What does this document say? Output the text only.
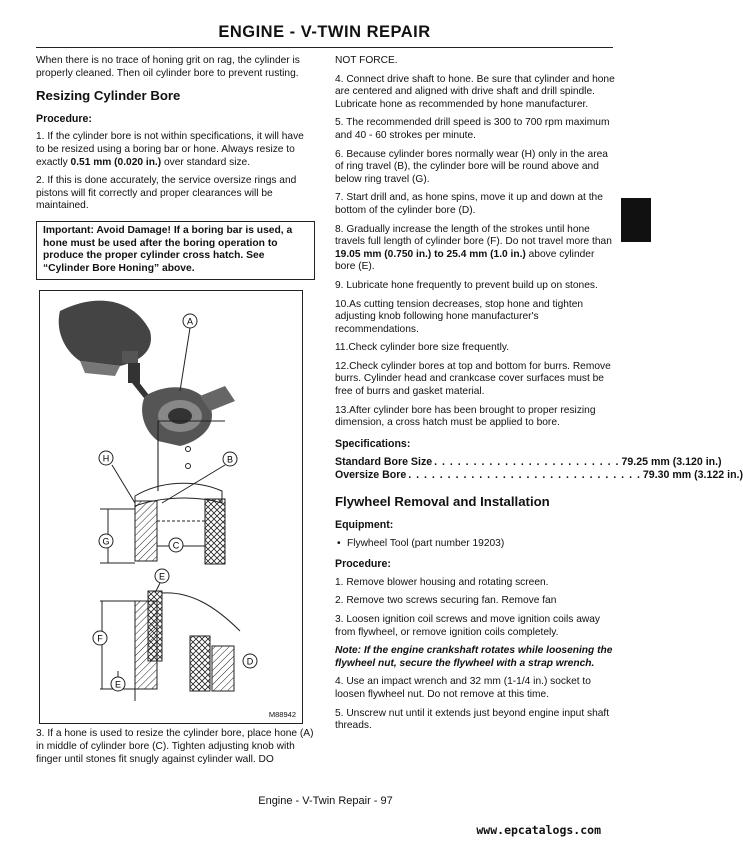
ENGINE - V-TWIN REPAIR

When there is no trace of honing grit on rag, the cylinder is properly cleaned. Then oil cylinder bore to prevent rusting.

Resizing Cylinder Bore
Procedure:

1. If the cylinder bore is not within specifications, it will have to be resized using a boring bar or hone. Always resize to exactly 0.51 mm (0.020 in.) over standard size.

2. If this is done accurately, the service oversize rings and pistons will fit correctly and proper clearances will be maintained.

Important: Avoid Damage! If a boring bar is used, a hone must be used after the boring operation to produce the proper cylinder cross hatch. See “Cylinder Bore Honing” above.
A
H	B
G	C
E
F
E
D
M88942

3. If a hone is used to resize the cylinder bore, place hone (A) in middle of cylinder bore (C). Tighten adjusting knob with finger until stones fit snugly against cylinder wall. DO

NOT FORCE.

4. Connect drive shaft to hone. Be sure that cylinder and hone are centered and aligned with drive shaft and drill spindle. Lubricate hone as recommended by hone manufacturer.

5. The recommended drill speed is 300 to 700 rpm maximum and 40 - 60 strokes per minute.

6. Because cylinder bores normally wear (H) only in the area of ring travel (B), the cylinder bore will be round above and below ring travel (G).

7. Start drill and, as hone spins, move it up and down at the bottom of the cylinder bore (D).

8. Gradually increase the length of the strokes until hone travels full length of cylinder bore (F). Do not travel more than 19.05 mm (0.750 in.) to 25.4 mm (1.0 in.) above cylinder bore (E).

9. Lubricate hone frequently to prevent build up on stones.

10.As cutting tension decreases, stop hone and tighten adjusting knob following hone manufacturer's recommendations.

11.Check cylinder bore size frequently.

12.Check cylinder bores at top and bottom for burrs. Remove burrs. Cylinder head and crankcase cover surfaces must be free of burrs and gasket material.

13.After cylinder bore has been brought to proper resizing dimension, a cross hatch must be applied to bore.

Specifications:
Standard Bore Size . . . . . . . . . . . . . . . . . . . . . . . . 79.25 mm (3.120 in.)
Oversize Bore . . . . . . . . . . . . . . . . . . . . . . . . . . . . . . 79.30 mm (3.122 in.)
Flywheel Removal and Installation
Equipment:
• Flywheel Tool (part number 19203)
Procedure:

1. Remove blower housing and rotating screen.

2. Remove two screws securing fan. Remove fan

3. Loosen ignition coil screws and move ignition coils away from flywheel, or remove ignition coils completely.

Note: If the engine crankshaft rotates while loosening the flywheel nut, secure the flywheel with a strap wrench.

4. Use an impact wrench and 32 mm (1-1/4 in.) socket to loosen flywheel nut. Do not remove at this time.

5. Unscrew nut until it extends just beyond engine input shaft threads.

Engine - V-Twin Repair - 97
www.epcatalogs.com
